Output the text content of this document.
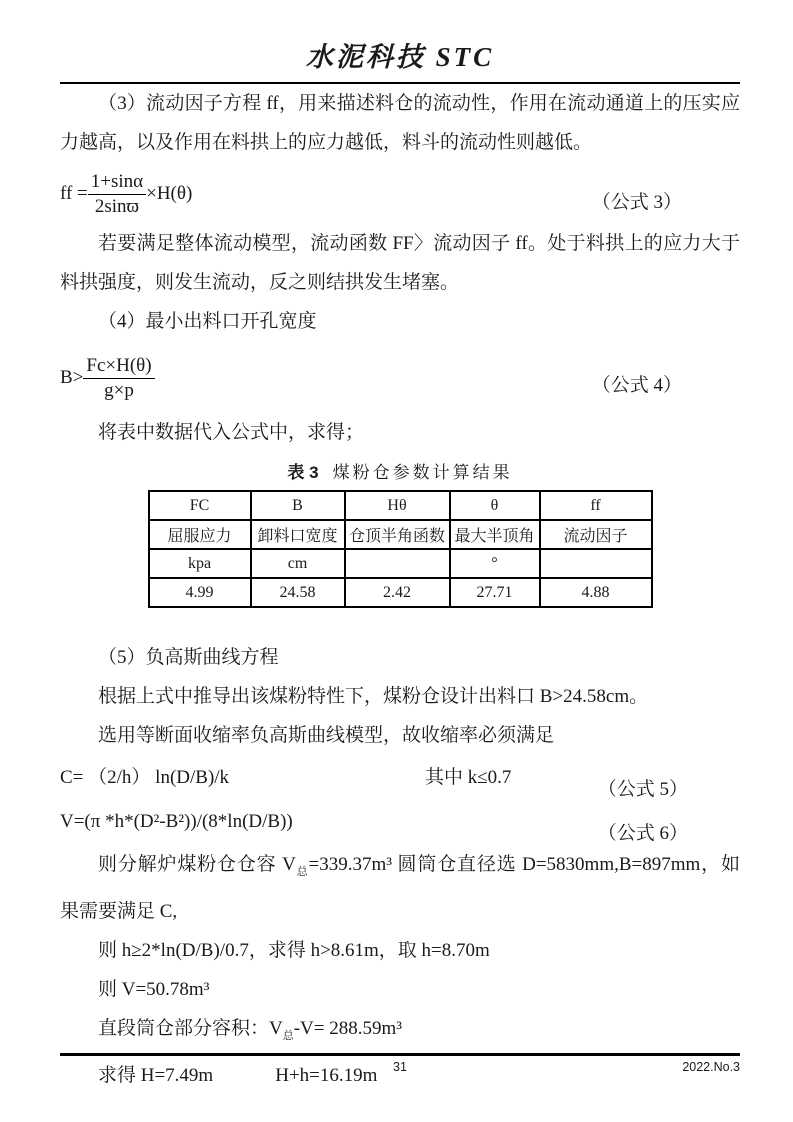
水泥科技 STC

（3）流动因子方程 ff，用来描述料仓的流动性，作用在流动通道上的压实应力越高，以及作用在料拱上的应力越低，料斗的流动性则越低。

ff = $\frac{1+\sin\alpha}{2\sin ϖ} \times H(\theta)$	（公式 3）

若要满足整体流动模型，流动函数 FF〉流动因子 ff。处于料拱上的应力大于料拱强度，则发生流动，反之则结拱发生堵塞。

（4）最小出料口开孔宽度

$B> \frac{Fc\times H(\theta)}{g\times p}$	（公式 4）

将表中数据代入公式中，求得；

表 3 煤粉仓参数计算结果
FC	B	Hθ	θ	ff
屈服应力	卸料口宽度	仓顶半角函数	最大半顶角	流动因子
kpa	cm		°	
4.99	24.58	2.42	27.71	4.88

（5）负高斯曲线方程

根据上式中推导出该煤粉特性下，煤粉仓设计出料口 B>24.58cm。

选用等断面收缩率负高斯曲线模型，故收缩率必须满足

C= （2/h） ln(D/B)/k	其中 k≤0.7
（公式 5）
V=(π *h*(D²-B²))/(8*ln(D/B))
（公式 6）

则分解炉煤粉仓仓容 $V_总=339.37m^3$ 圆筒仓直径选 D=5830mm,B=897mm，如果需要满足 C,

则 h≥2*ln(D/B)/0.7，求得 h>8.61m，取 h=8.70m

则 V=50.78m³

直段筒仓部分容积：$V_总-V= 288.59m^3$

求得 H=7.49m	H+h=16.19m	31	2022.No.3
